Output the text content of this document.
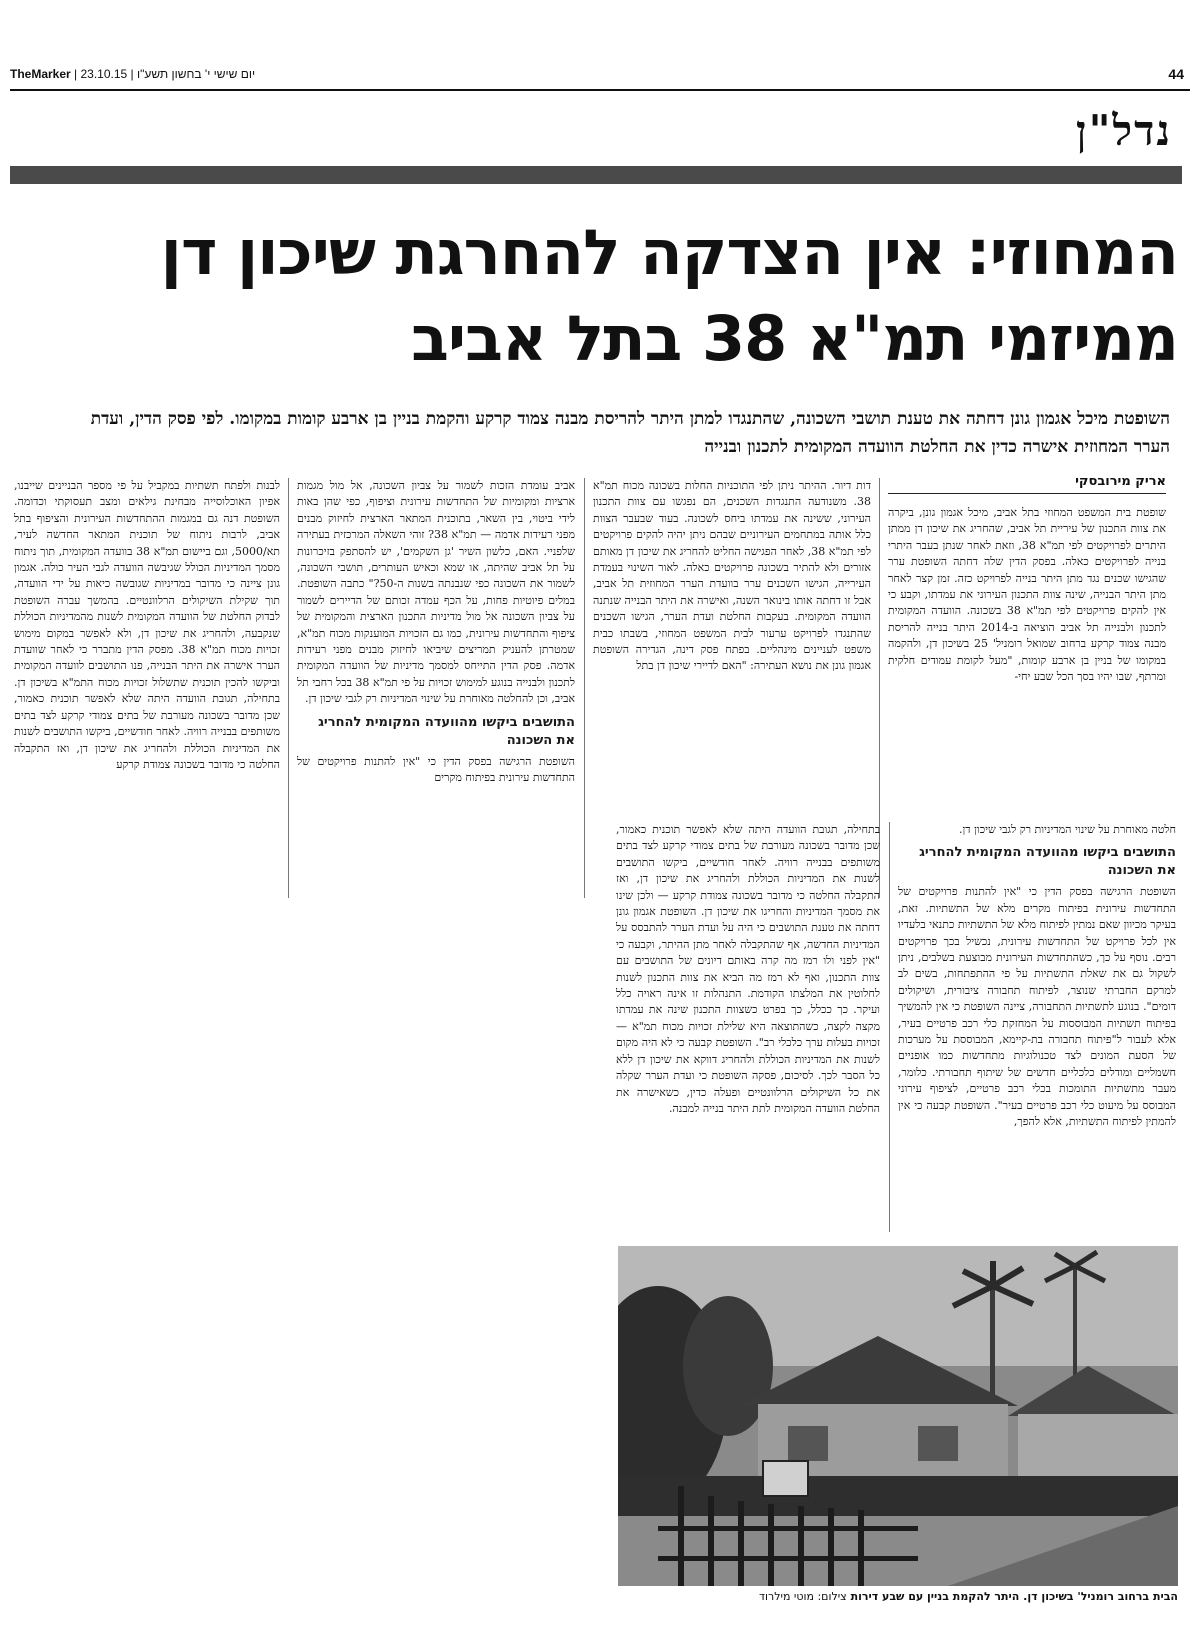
TheMarker | יום שישי י' בחשון תשע"ו | 23.10.15	44
נדל"ן
המחוזי: אין הצדקה להחרגת שיכון דן
ממיזמי תמ"א 38 בתל אביב
השופטת מיכל אגמון גונן דחתה את טענת תושבי השכונה, שהתנגדו למתן היתר להריסת מבנה צמוד קרקע והקמת בניין בן ארבע קומות במקומו. לפי פסק הדין, ועדת הערר המחוזית אישרה כדין את החלטת הוועדה המקומית לתכנון ובנייה
אריק מירובסקי
שופטת בית המשפט המחוזי בתל אביב, מיכל אגמון גונן, ביקרה את צוות התכנון של עיריית תל אביב, שהחריג את שיכון דן ממתן היתרים לפרויקטים לפי תמ"א 38, וזאת לאחר שנתן בעבר היתרי בנייה לפרויקטים כאלה. בפסק הדין שלה דחתה השופטת ערר שהגישו שכנים נגד מתן היתר בנייה לפרויקט כזה. זמן קצר לאחר מתן היתר הבנייה, שינה צוות התכנון העירוני את עמדתו, וקבע כי אין להקים פרויקטים לפי תמ"א 38 בשכונה. הוועדה המקומית לתכנון ולבנייה תל אביב הוציאה ב-2014 היתר בנייה להריסת מבנה צמוד קרקע ברחוב שמואל רומניל' 25 בשיכון דן, ולהקמה במקומו של בניין בן ארבע קומות, "מעל לקומת עמודים חלקית ומרתף, שבו יהיו בסך הכל שבע יחי-
דות דיור. ההיתר ניתן לפי התוכניות החלות בשכונה מכוח תמ"א 38. משנודעה התנגדות השכנים, הם נפגשו עם צוות התכנון העירוני, ששינה את עמדתו ביחס לשכונה. בעוד שבעבר הצוות כלל אותה במתחמים העירוניים שבהם ניתן יהיה להקים פרויקטים לפי תמ"א 38, לאחר הפגישה החליט להחריג את שיכון דן מאותם אזורים ולא להתיר בשכונה פרויקטים כאלה. לאור השינוי בעמדת העירייה, הגישו השכנים ערר בוועדת הערר המחוזית תל אביב, אבל זו דחתה אותו בינואר השנה, ואישרה את היתר הבנייה שנתנה הוועדה המקומית. בעקבות החלטת ועדת הערר, הגישו השכנים שהתנגדו לפרויקט ערעור לבית המשפט המחוזי, בשבתו כבית משפט לעניינים מינהליים. בפתח פסק דינה, הגדירה השופטת אגמון גונן את נושא העתירה: "האם לדיירי שיכון דן בתל
אביב עומדת הזכות לשמור על צביון השכונה, אל מול מגמות ארציות ומקומיות של התחדשות עירונית וציפוף, כפי שהן באות לידי ביטוי, בין השאר, בתוכנית המתאר הארצית לחיזוק מבנים מפני רעידות אדמה — תמ"א 38? זוהי השאלה המרכזית בעתירה שלפניי. האם, כלשון השיר 'גן השקמים', יש להסתפק בזיכרונות על תל אביב שהיתה, או שמא וכאיש העותרים, תושבי השכונה, לשמור את השכונה כפי שנבנתה בשנות ה-50?" כתבה השופטת. במלים פיוטיות פחות, על הכף עמדה זכותם של הדיירים לשמור על צביון השכונה אל מול מדיניות התכנון הארצית והמקומית של ציפוף והתחדשות עירונית, כמו גם הזכויות המוענקות מכוח תמ"א, שמטרתן להעניק תמריצים שיביאו לחיזוק מבנים מפני רעידות אדמה. פסק הדין התייחס למסמך מדיניות של הוועדה המקומית לתכנון ולבנייה בנוגע למימוש זכויות על פי תמ"א 38 בכל רחבי תל אביב, וכן להחלטה מאוחרת על שינוי המדיניות רק לגבי שיכון דן.
התושבים ביקשו מהוועדה המקומית להחריג את השכונה
השופטת הרגישה בפסק הדין כי "אין להתנות פרויקטים של התחדשות עירונית בפיתוח מקרים
לבנות ולפתח תשתיות במקביל על פי מספר הבניינים שייבנו, אפיון האוכלוסייה מבחינת גילאים ומצב תעסוקתי וכדומה. השופטת דנה גם במגמות ההתחדשות העירונית והציפוף בתל אביב, לרבות ניתוח של תוכנית המתאר החדשה לעיר, תא/5000, וגם ביישום תמ"א 38 בוועדה המקומית, תוך ניתוח מסמך המדיניות הכולל שגיבשה הוועדה לגבי העיר כולה. אגמון גונן ציינה כי מדובר במדיניות שגובשה כיאות על ידי הוועדה, תוך שקילת השיקולים הרלוונטיים. בהמשך עברה השופטת לבדוק החלטת של הוועדה המקומית לשנות מהמדיניות הכוללת שנקבעה, ולהחריג את שיכון דן, ולא לאפשר במקום מימוש זכויות מכוח תמ"א 38. מפסק הדין מתברר כי לאחר שוועדת הערר אישרה את היתר הבנייה, פנו התושבים לוועדה המקומית וביקשו להכין תוכנית שתשלול זכויות מכוח התמ"א בשיכון דן. בתחילה, תגובת הוועדה היתה שלא לאפשר תוכנית כאמור, שכן מדובר בשכונה מעורבת של בתים צמודי קרקע לצד בתים משותפים בבנייה רוויה. לאחר חודשיים, ביקשו התושבים לשנות את המדיניות הכוללת ולהחריג את שיכון דן, ואז התקבלה החלטה כי מדובר בשכונה צמודת קרקע
חלטה מאוחרת על שינוי המדיניות רק לגבי שיכון דן.
התושבים ביקשו מהוועדה המקומית להחריג את השכונה
השופטת הרגישה בפסק הדין כי "אין להתנות פרויקטים של התחדשות עירונית בפיתוח מקרים מלא של התשתיות. זאת, בעיקר מכיוון שאם נמתין לפיתוח מלא של התשתיות כתנאי בלעדיו אין לכל פרויקט של התחדשות עירונית, נכשיל בכך פרויקטים רבים. נוסף על כך, כשהתחדשות העירונית מבוצעת בשלבים, ניתן לשקול גם את שאלת התשתיות על פי ההתפתחות, בשים לב למרקם החברתי שנוצר, לפיתוח תחבורה ציבורית, ושיקולים דומים". בנוגע לתשתיות התחבורה, ציינה השופטת כי אין להמשיך בפיתוח תשתיות המבוססות על המחזקת כלי רכב פרטיים בעיר, אלא לעבור ל"פיתוח תחבורה בת-קיימא, המבוססת על מערכות של הסעת המונים לצד טכנולוגיות מתחדשות כמו אופניים חשמליים ומודלים כלכליים חדשים של שיתוף תחבורתי. כלומר, מעבר מתשתיות התומכות בכלי רכב פרטיים, לציפוף עירוני המבוסס על מיעוט כלי רכב פרטיים בעיר". השופטת קבעה כי אין להמתין לפיתוח התשתיות, אלא להפך,
בתחילה, תגובת הוועדה היתה שלא לאפשר תוכנית כאמור, שכן מדובר בשכונה מעורבת של בתים צמודי קרקע לצד בתים משותפים בבנייה רוויה. לאחר חודשיים, ביקשו התושבים לשנות את המדיניות הכוללת ולהחריג את שיכון דן, ואז התקבלה החלטה כי מדובר בשכונה צמודת קרקע — ולכן שינו את מסמך המדיניות והחריגו את שיכון דן. השופטת אגמון גונן דחתה את טענת התושבים כי היה על ועדת הערר להתבסס על המדיניות החדשה, אף שהתקבלה לאחר מתן ההיתר, וקבעה כי "אין לפני ולו רמז מה קרה באותם דיונים של התושבים עם צוות התכנון, ואף לא רמז מה הביא את צוות התכנון לשנות לחלוטין את המלצתו הקודמת. התנהלות זו אינה ראויה כלל ועיקר. כך ככלל, כך בפרט כשצוות התכנון שינה את עמדתו מקצה לקצה, כשהתוצאה היא שלילת זכויות מכוח תמ"א — זכויות בעלות ערך כלכלי רב". השופטת קבעה כי לא היה מקום לשנות את המדיניות הכוללת ולהחריג דווקא את שיכון דן ללא כל הסבר לכך. לסיכום, פסקה השופטת כי ועדת הערר שקלה את כל השיקולים הרלוונטיים ופעלה כדין, כשאישרה את החלטת הוועדה המקומית לתת היתר בנייה למבנה.
הבית ברחוב רומניל' בשיכון דן. היתר להקמת בניין עם שבע דירות צילום: מוטי מילרוד
